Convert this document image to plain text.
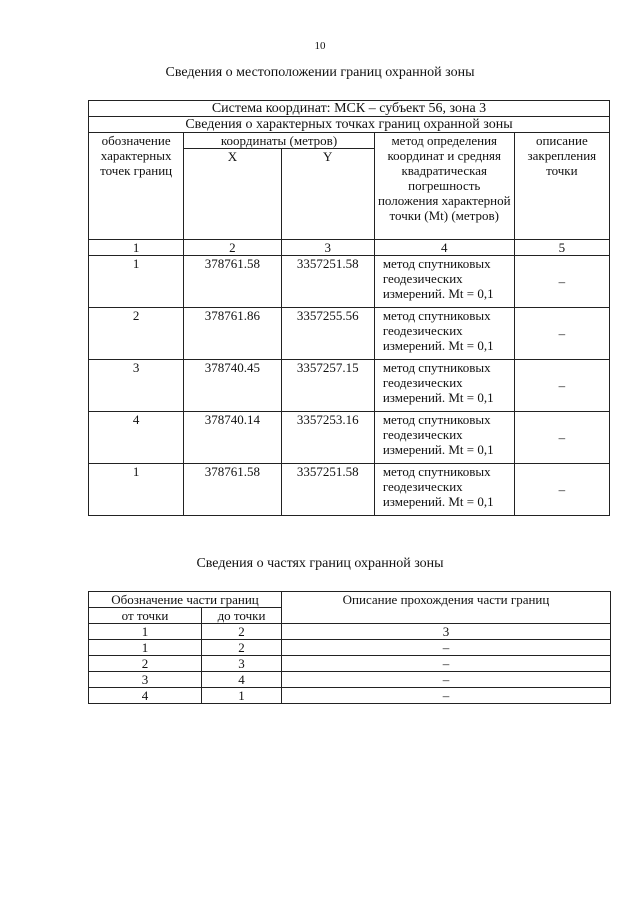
10
Сведения о местоположении границ охранной зоны
Система координат: МСК – субъект 56, зона 3				
Сведения о характерных точках границ охранной зоны				
обозначение характерных точек границ	координаты (метров)		метод определения координат и средняя квадратическая погрешность положения характерной точки (Mt) (метров)	описание закрепления точки
	X	Y		
1	2	3	4	5
1	378761.58	3357251.58	метод спутниковых геодезических измерений. Mt = 0,1	–
2	378761.86	3357255.56	метод спутниковых геодезических измерений. Mt = 0,1	–
3	378740.45	3357257.15	метод спутниковых геодезических измерений. Mt = 0,1	–
4	378740.14	3357253.16	метод спутниковых геодезических измерений. Mt = 0,1	–
1	378761.58	3357251.58	метод спутниковых геодезических измерений. Mt = 0,1	–
Сведения о частях границ охранной зоны
Обозначение части границ		Описание прохождения части границ
от точки	до точки	
1	2	3
1	2	–
2	3	–
3	4	–
4	1	–
